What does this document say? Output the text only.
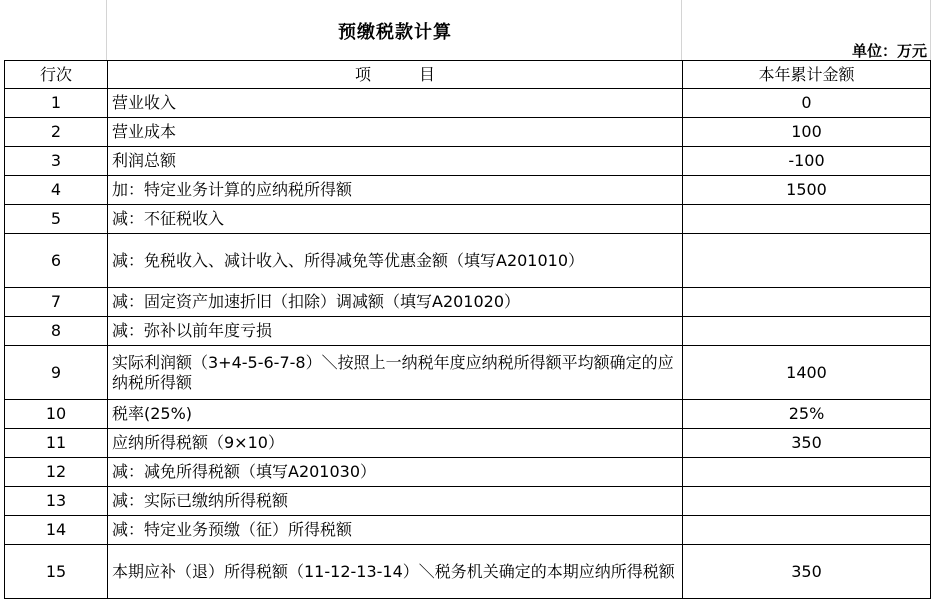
预缴税款计算
单位：万元
行次	项　　　目	本年累计金额
1	营业收入	0
2	营业成本	100
3	利润总额	-100
4	加：特定业务计算的应纳税所得额	1500
5	减：不征税收入	
6	减：免税收入、减计收入、所得减免等优惠金额（填写A201010）	
7	减：固定资产加速折旧（扣除）调减额（填写A201020）	
8	减：弥补以前年度亏损	
9	实际利润额（3+4-5-6-7-8）＼按照上一纳税年度应纳税所得额平均额确定的应纳税所得额	1400
10	税率(25%)	25%
11	应纳所得税额（9×10）	350
12	减：减免所得税额（填写A201030）	
13	减：实际已缴纳所得税额	
14	减：特定业务预缴（征）所得税额	
15	本期应补（退）所得税额（11-12-13-14）＼税务机关确定的本期应纳所得税额	350
